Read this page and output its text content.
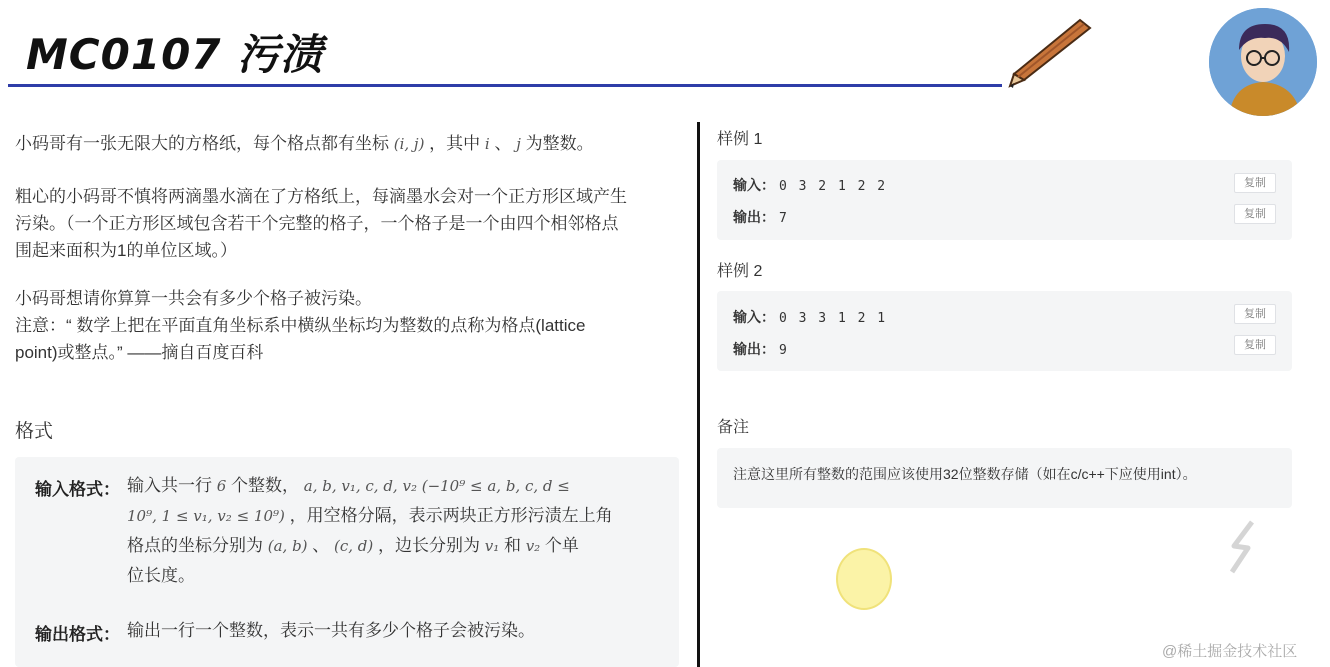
MC0107 污渍
小码哥有一张无限大的方格纸，每个格点都有坐标 (i, j) ，其中 i 、 j 为整数。
粗心的小码哥不慎将两滴墨水滴在了方格纸上，每滴墨水会对一个正方形区域产生
污染。（一个正方形区域包含若干个完整的格子，一个格子是一个由四个相邻格点
围起来面积为1的单位区域。）
小码哥想请你算算一共会有多少个格子被污染。
注意：“ 数学上把在平面直角坐标系中横纵坐标均为整数的点称为格点(lattice
point)或整点。” ——摘自百度百科
格式
输入格式： 输入共一行 6 个整数， a, b, v₁, c, d, v₂ (−10⁹ ≤ a, b, c, d ≤
10⁹, 1 ≤ v₁, v₂ ≤ 10⁹) ，用空格分隔，表示两块正方形污渍左上角
格点的坐标分别为 (a, b) 、 (c, d) ，边长分别为 v₁ 和 v₂ 个单
位长度。
输出格式： 输出一行一个整数，表示一共有多少个格子会被污染。
样例 1
输入： 0 3 2 1 2 2
输出： 7
复制
复制
样例 2
输入： 0 3 3 1 2 1
输出： 9
复制
复制
备注
注意这里所有整数的范围应该使用32位整数存储（如在c/c++下应使用int）。
@稀土掘金技术社区
